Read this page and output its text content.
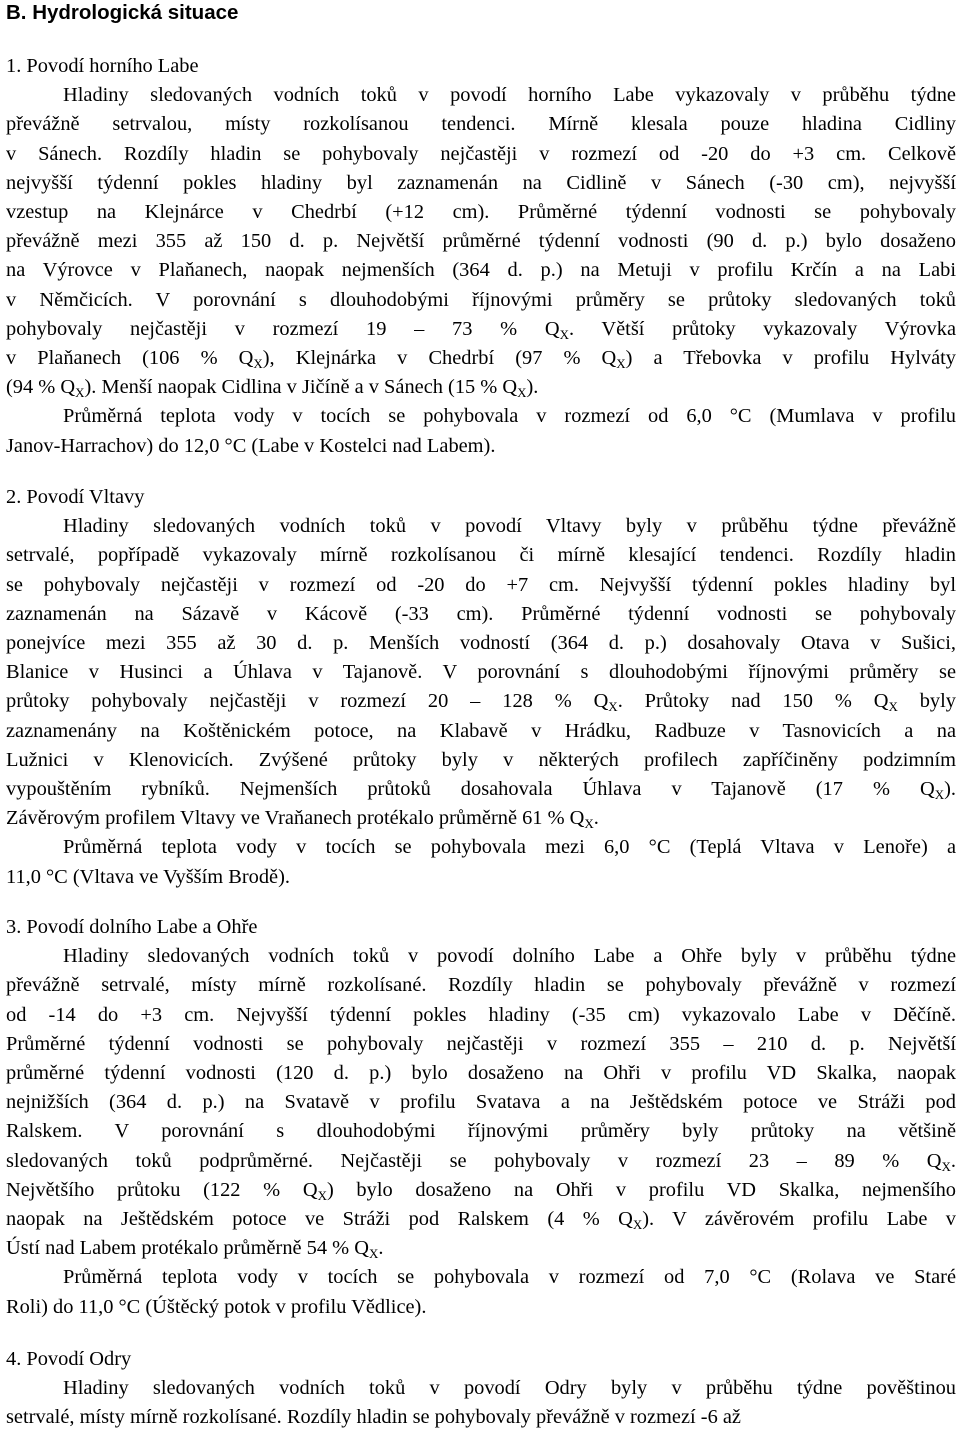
B. Hydrologická situace
1. Povodí horního Labe
Hladiny sledovaných vodních toků v povodí horního Labe vykazovaly v průběhu týdne
převážně setrvalou, místy rozkolísanou tendenci. Mírně klesala pouze hladina Cidliny
v Sánech. Rozdíly hladin se pohybovaly nejčastěji v rozmezí od -20 do +3 cm. Celkově
nejvyšší týdenní pokles hladiny byl zaznamenán na Cidlině v Sánech (-30 cm), nejvyšší
vzestup na Klejnárce v Chedrbí (+12 cm). Průměrné týdenní vodnosti se pohybovaly
převážně mezi 355 až 150 d. p. Největší průměrné týdenní vodnosti (90 d. p.) bylo dosaženo
na Výrovce v Plaňanech, naopak nejmenších (364 d. p.) na Metuji v profilu Krčín a na Labi
v Němčicích. V porovnání s dlouhodobými říjnovými průměry se průtoky sledovaných toků
pohybovaly nejčastěji v rozmezí 19 – 73 % $Q_X$. Větší průtoky vykazovaly Výrovka
v Plaňanech (106 % $Q_X$), Klejnárka v Chedrbí (97 % $Q_X$) a Třebovka v profilu Hylváty
(94 % $Q_X$). Menší naopak Cidlina v Jičíně a v Sánech (15 % $Q_X$).
Průměrná teplota vody v tocích se pohybovala v rozmezí od 6,0 °C (Mumlava v profilu
Janov-Harrachov) do 12,0 °C (Labe v Kostelci nad Labem).
2. Povodí Vltavy
Hladiny sledovaných vodních toků v povodí Vltavy byly v průběhu týdne převážně
setrvalé, popřípadě vykazovaly mírně rozkolísanou či mírně klesající tendenci. Rozdíly hladin
se pohybovaly nejčastěji v rozmezí od -20 do +7 cm. Nejvyšší týdenní pokles hladiny byl
zaznamenán na Sázavě v Kácově (-33 cm). Průměrné týdenní vodnosti se pohybovaly
ponejvíce mezi 355 až 30 d. p. Menších vodností (364 d. p.) dosahovaly Otava v Sušici,
Blanice v Husinci a Úhlava v Tajanově. V porovnání s dlouhodobými říjnovými průměry se
průtoky pohybovaly nejčastěji v rozmezí 20 – 128 % $Q_X$. Průtoky nad 150 % $Q_X$ byly
zaznamenány na Koštěnickém potoce, na Klabavě v Hrádku, Radbuze v Tasnovicích a na
Lužnici v Klenovicích. Zvýšené průtoky byly v některých profilech zapříčiněny podzimním
vypouštěním rybníků. Nejmenších průtoků dosahovala Úhlava v Tajanově (17 % $Q_X$).
Závěrovým profilem Vltavy ve Vraňanech protékalo průměrně 61 % $Q_X$.
Průměrná teplota vody v tocích se pohybovala mezi 6,0 °C (Teplá Vltava v Lenoře) a
11,0 °C (Vltava ve Vyšším Brodě).
3. Povodí dolního Labe a Ohře
Hladiny sledovaných vodních toků v povodí dolního Labe a Ohře byly v průběhu týdne
převážně setrvalé, místy mírně rozkolísané. Rozdíly hladin se pohybovaly převážně v rozmezí
od -14 do +3 cm. Nejvyšší týdenní pokles hladiny (-35 cm) vykazovalo Labe v Děčíně.
Průměrné týdenní vodnosti se pohybovaly nejčastěji v rozmezí 355 – 210 d. p. Největší
průměrné týdenní vodnosti (120 d. p.) bylo dosaženo na Ohři v profilu VD Skalka, naopak
nejnižších (364 d. p.) na Svatavě v profilu Svatava a na Ještědském potoce ve Stráži pod
Ralskem. V porovnání s dlouhodobými říjnovými průměry byly průtoky na většině
sledovaných toků podprůměrné. Nejčastěji se pohybovaly v rozmezí 23 – 89 % $Q_X$.
Největšího průtoku (122 % $Q_X$) bylo dosaženo na Ohři v profilu VD Skalka, nejmenšího
naopak na Ještědském potoce ve Stráži pod Ralskem (4 % $Q_X$). V závěrovém profilu Labe v
Ústí nad Labem protékalo průměrně 54 % $Q_X$.
Průměrná teplota vody v tocích se pohybovala v rozmezí od 7,0 °C (Rolava ve Staré
Roli) do 11,0 °C (Úštěcký potok v profilu Vědlice).
4. Povodí Odry
Hladiny sledovaných vodních toků v povodí Odry byly v průběhu týdne pověštinou
setrvalé, místy mírně rozkolísané. Rozdíly hladin se pohybovaly převážně v rozmezí -6 až
